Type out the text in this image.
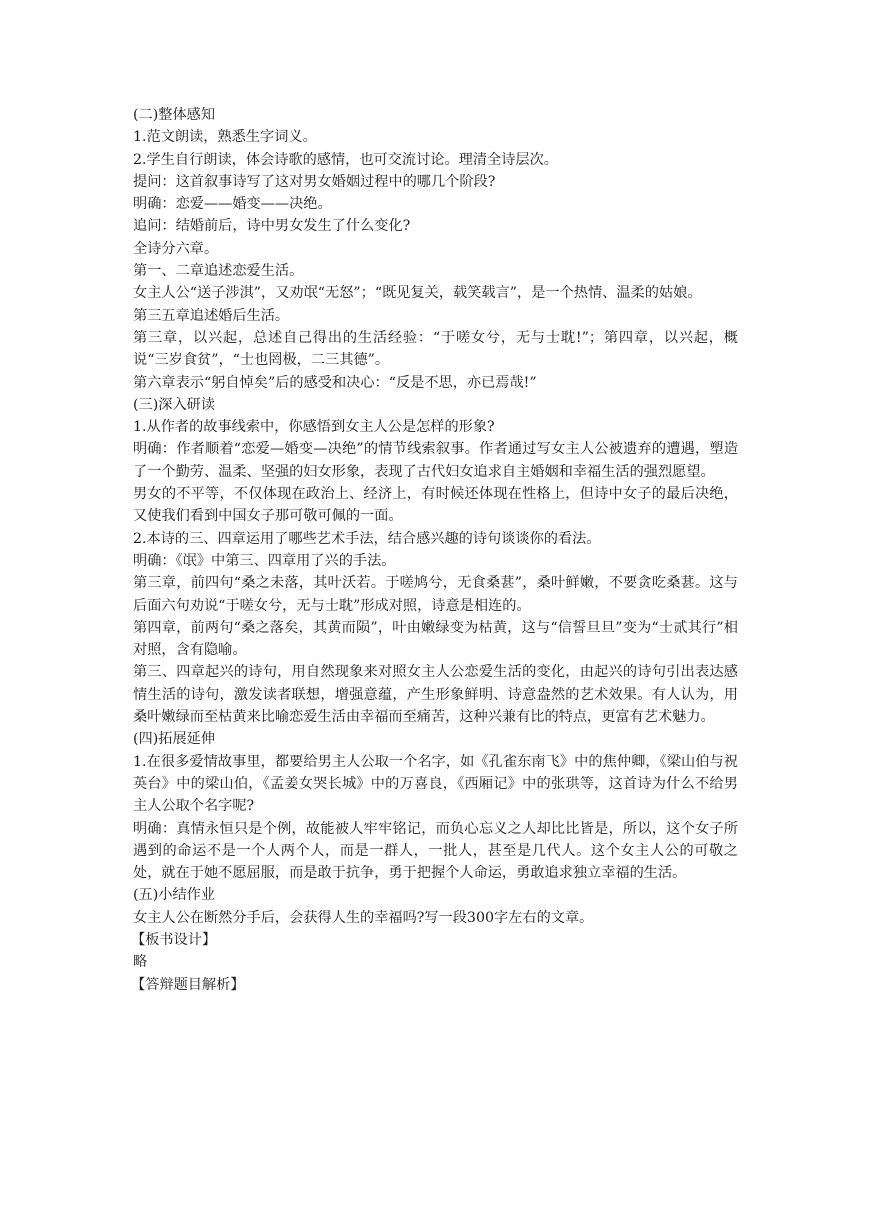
(二)整体感知

1.范文朗读，熟悉生字词义。

2.学生自行朗读，体会诗歌的感情，也可交流讨论。理清全诗层次。

提问：这首叙事诗写了这对男女婚姻过程中的哪几个阶段?

明确：恋爱——婚变——决绝。

追问：结婚前后，诗中男女发生了什么变化?

全诗分六章。

第一、二章追述恋爱生活。

女主人公“送子涉淇”，又劝氓“无怒”；“既见复关，载笑载言”，是一个热情、温柔的姑娘。

第三五章追述婚后生活。

第三章，以兴起，总述自己得出的生活经验：“于嗟女兮，无与士耽!”；第四章，以兴起，概说“三岁食贫”，“士也罔极，二三其德”。

第六章表示“躬自悼矣”后的感受和决心：“反是不思，亦已焉哉!”

(三)深入研读

1.从作者的故事线索中，你感悟到女主人公是怎样的形象?

明确：作者顺着“恋爱—婚变—决绝”的情节线索叙事。作者通过写女主人公被遗弃的遭遇，塑造了一个勤劳、温柔、坚强的妇女形象，表现了古代妇女追求自主婚姻和幸福生活的强烈愿望。

男女的不平等，不仅体现在政治上、经济上，有时候还体现在性格上，但诗中女子的最后决绝，又使我们看到中国女子那可敬可佩的一面。

2.本诗的三、四章运用了哪些艺术手法，结合感兴趣的诗句谈谈你的看法。

明确：《氓》中第三、四章用了兴的手法。

第三章，前四句“桑之未落，其叶沃若。于嗟鸠兮，无食桑葚”，桑叶鲜嫩，不要贪吃桑葚。这与后面六句劝说“于嗟女兮，无与士耽”形成对照，诗意是相连的。

第四章，前两句“桑之落矣，其黄而陨”，叶由嫩绿变为枯黄，这与“信誓旦旦”变为“士贰其行”相对照，含有隐喻。

第三、四章起兴的诗句，用自然现象来对照女主人公恋爱生活的变化，由起兴的诗句引出表达感情生活的诗句，激发读者联想，增强意蕴，产生形象鲜明、诗意盎然的艺术效果。有人认为，用桑叶嫩绿而至枯黄来比喻恋爱生活由幸福而至痛苦，这种兴兼有比的特点，更富有艺术魅力。

(四)拓展延伸

1.在很多爱情故事里，都要给男主人公取一个名字，如《孔雀东南飞》中的焦仲卿，《梁山伯与祝英台》中的梁山伯，《孟姜女哭长城》中的万喜良，《西厢记》中的张珙等，这首诗为什么不给男主人公取个名字呢?

明确：真情永恒只是个例，故能被人牢牢铭记，而负心忘义之人却比比皆是，所以，这个女子所遇到的命运不是一个人两个人，而是一群人，一批人，甚至是几代人。这个女主人公的可敬之处，就在于她不愿屈服，而是敢于抗争，勇于把握个人命运，勇敢追求独立幸福的生活。

(五)小结作业

女主人公在断然分手后，会获得人生的幸福吗?写一段300字左右的文章。

【板书设计】

略

【答辩题目解析】
